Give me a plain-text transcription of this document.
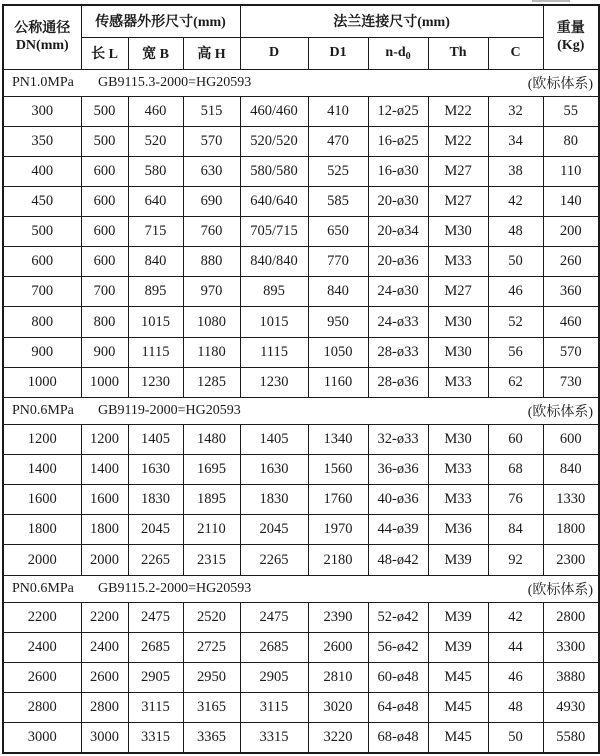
公称通径
DN(mm)	传感器外形尺寸(mm)			法兰连接尺寸(mm)					重量
(Kg)

	长 L	宽 B	高 H	D	D1	$n-d_0$	Th	C	

PN1.0MPa GB9115.3-2000=HG20593 (欧标体系)									

300	500	460	515	460/460	410	12-ø25	M22	32	55
350	500	520	570	520/520	470	16-ø25	M22	34	80
400	600	580	630	580/580	525	16-ø30	M27	38	110
450	600	640	690	640/640	585	20-ø30	M27	42	140
500	600	715	760	705/715	650	20-ø34	M30	48	200
600	600	840	880	840/840	770	20-ø36	M33	50	260
700	700	895	970	895	840	24-ø30	M27	46	360
800	800	1015	1080	1015	950	24-ø33	M30	52	460
900	900	1115	1180	1115	1050	28-ø33	M30	56	570
1000	1000	1230	1285	1230	1160	28-ø36	M33	62	730

PN0.6MPa GB9119-2000=HG20593 (欧标体系)									

1200	1200	1405	1480	1405	1340	32-ø33	M30	60	600
1400	1400	1630	1695	1630	1560	36-ø36	M33	68	840
1600	1600	1830	1895	1830	1760	40-ø36	M33	76	1330
1800	1800	2045	2110	2045	1970	44-ø39	M36	84	1800
2000	2000	2265	2315	2265	2180	48-ø42	M39	92	2300

PN0.6MPa GB9115.2-2000=HG20593 (欧标体系)									

2200	2200	2475	2520	2475	2390	52-ø42	M39	42	2800
2400	2400	2685	2725	2685	2600	56-ø42	M39	44	3300
2600	2600	2905	2950	2905	2810	60-ø48	M45	46	3880
2800	2800	3115	3165	3115	3020	64-ø48	M45	48	4930
3000	3000	3315	3365	3315	3220	68-ø48	M45	50	5580
